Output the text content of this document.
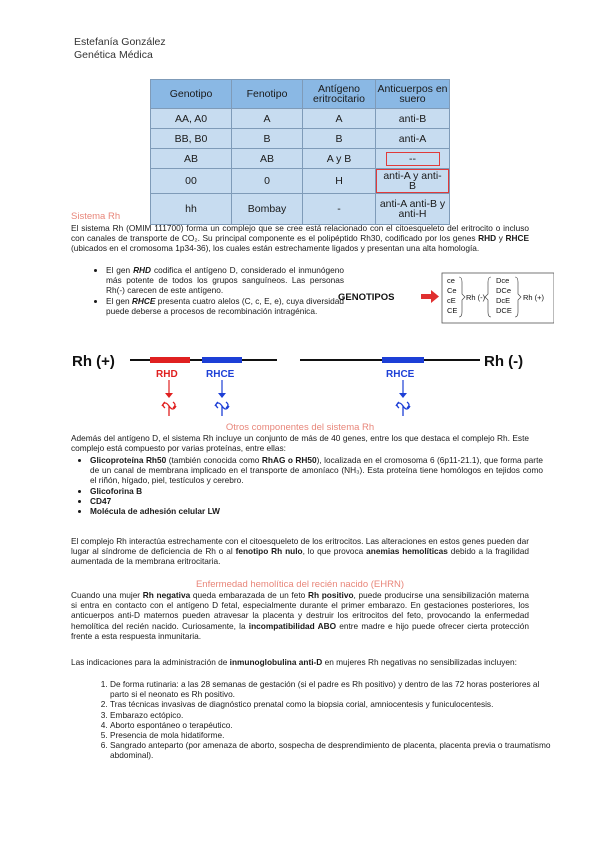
Estefanía González
Genética Médica
Genotipo	Fenotipo	Antígeno eritrocitario	Anticuerpos en suero
AA, A0	A	A	anti-B
BB, B0	B	B	anti-A
AB	AB	A y B	--
00	0	H	anti-A y anti-B
hh	Bombay	-	anti-A anti-B y anti-H
Sistema Rh

El sistema Rh (OMIM 111700) forma un complejo que se cree está relacionado con el citoesqueleto del eritrocito o incluso con canales de transporte de CO₂. Su principal componente es el polipéptido Rh30, codificado por los genes RHD y RHCE (ubicados en el cromosoma 1p34-36), los cuales están estrechamente ligados y presentan una alta homología.

• El gen RHD codifica el antígeno D, considerado el inmunógeno más potente de todos los grupos sanguíneos. Las personas Rh(-) carecen de este antígeno.
• El gen RHCE presenta cuatro alelos (C, c, E, e), cuya diversidad puede deberse a procesos de recombinación intragénica.
GENOTIPOS
ce
Ce
cE
CE
Rh (-)
Dce
DCe
DcE
DCE
Rh (+)
Rh (+)	Rh (-)
RHD	RHCE	RHCE
Otros componentes del sistema Rh

Además del antígeno D, el sistema Rh incluye un conjunto de más de 40 genes, entre los que destaca el complejo Rh. Este complejo está compuesto por varias proteínas, entre ellas:

• Glicoproteína Rh50 (también conocida como RhAG o RH50), localizada en el cromosoma 6 (6p11-21.1), que forma parte de un canal de membrana implicado en el transporte de amoníaco (NH₃). Esta proteína tiene homólogos en tejidos como el riñón, hígado, piel, testículos y cerebro.
• Glicoforina B
• CD47
• Molécula de adhesión celular LW

El complejo Rh interactúa estrechamente con el citoesqueleto de los eritrocitos. Las alteraciones en estos genes pueden dar lugar al síndrome de deficiencia de Rh o al fenotipo Rh nulo, lo que provoca anemias hemolíticas debido a la fragilidad aumentada de la membrana eritrocitaria.

Enfermedad hemolítica del recién nacido (EHRN)

Cuando una mujer Rh negativa queda embarazada de un feto Rh positivo, puede producirse una sensibilización materna si entra en contacto con el antígeno D fetal, especialmente durante el primer embarazo. En gestaciones posteriores, los anticuerpos anti-D maternos pueden atravesar la placenta y destruir los eritrocitos del feto, provocando la enfermedad hemolítica del recién nacido. Curiosamente, la incompatibilidad ABO entre madre e hijo puede ofrecer cierta protección frente a esta respuesta inmunitaria.

Las indicaciones para la administración de inmunoglobulina anti-D en mujeres Rh negativas no sensibilizadas incluyen:

1. De forma rutinaria: a las 28 semanas de gestación (si el padre es Rh positivo) y dentro de las 72 horas posteriores al parto si el neonato es Rh positivo.
2. Tras técnicas invasivas de diagnóstico prenatal como la biopsia corial, amniocentesis y funiculocentesis.
3. Embarazo ectópico.
4. Aborto espontáneo o terapéutico.
5. Presencia de mola hidatiforme.
6. Sangrado anteparto (por amenaza de aborto, sospecha de desprendimiento de placenta, placenta previa o traumatismo abdominal).
